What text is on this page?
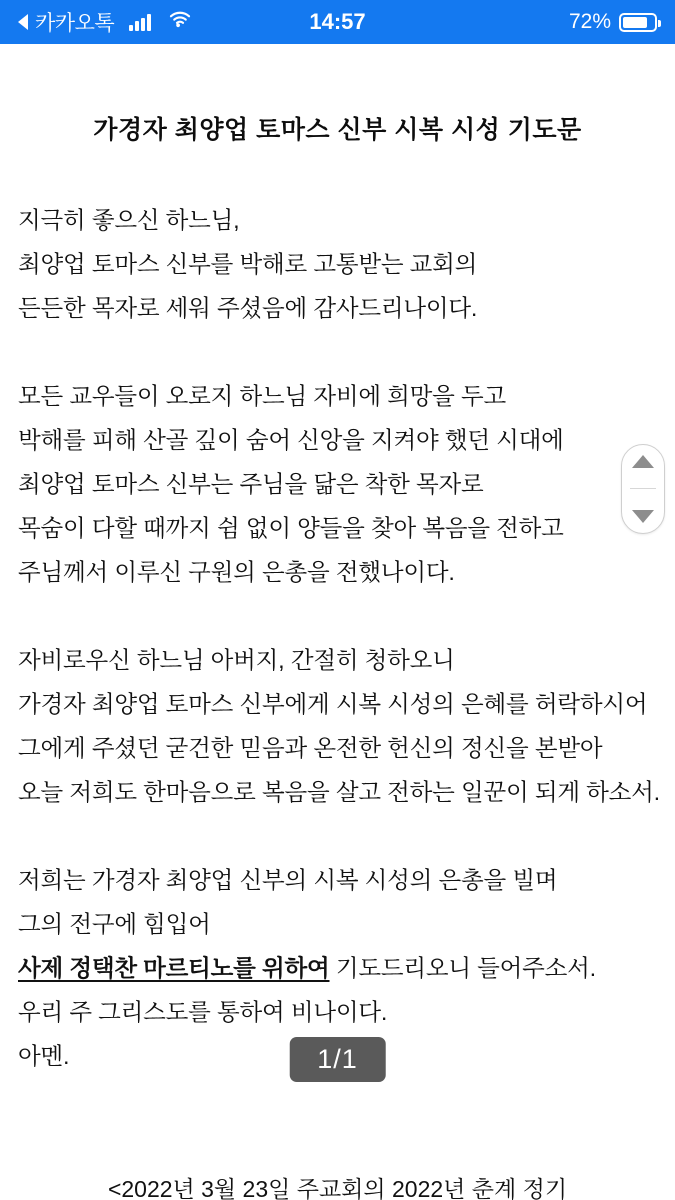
카카오톡	14:57	72%
가경자 최양업 토마스 신부 시복 시성 기도문
지극히 좋으신 하느님,
최양업 토마스 신부를 박해로 고통받는 교회의
든든한 목자로 세워 주셨음에 감사드리나이다.
모든 교우들이 오로지 하느님 자비에 희망을 두고
박해를 피해 산골 깊이 숨어 신앙을 지켜야 했던 시대에
최양업 토마스 신부는 주님을 닮은 착한 목자로
목숨이 다할 때까지 쉼 없이 양들을 찾아 복음을 전하고
주님께서 이루신 구원의 은총을 전했나이다.
자비로우신 하느님 아버지, 간절히 청하오니
가경자 최양업 토마스 신부에게 시복 시성의 은혜를 허락하시어
그에게 주셨던 굳건한 믿음과 온전한 헌신의 정신을 본받아
오늘 저희도 한마음으로 복음을 살고 전하는 일꾼이 되게 하소서.
저희는 가경자 최양업 신부의 시복 시성의 은총을 빌며
그의 전구에 힘입어
사제 정택찬 마르티노를 위하여 기도드리오니 들어주소서.
우리 주 그리스도를 통하여 비나이다.
아멘.	1/1
<2022년 3월 23일 주교회의 2022년 춘계 정기
